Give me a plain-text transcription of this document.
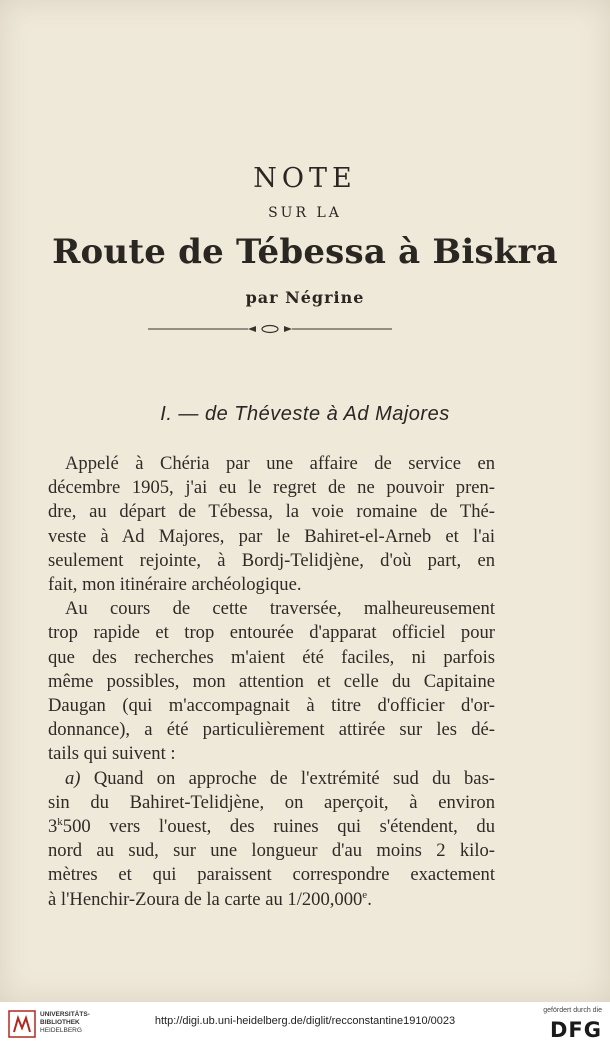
NOTE
SUR LA
Route de Tébessa à Biskra
par Négrine
I. — de Théveste à Ad Majores

Appelé à Chéria par une affaire de service en
décembre 1905, j'ai eu le regret de ne pouvoir pren-
dre, au départ de Tébessa, la voie romaine de Thé-
veste à Ad Majores, par le Bahiret-el-Arneb et l'ai
seulement rejointe, à Bordj-Telidjène, d'où part, en
fait, mon itinéraire archéologique.

Au cours de cette traversée, malheureusement
trop rapide et trop entourée d'apparat officiel pour
que des recherches m'aient été faciles, ni parfois
même possibles, mon attention et celle du Capitaine
Daugan (qui m'accompagnait à titre d'officier d'or-
donnance), a été particulièrement attirée sur les dé-
tails qui suivent :

a) Quand on approche de l'extrémité sud du bas-
sin du Bahiret-Telidjène, on aperçoit, à environ
3$^k$500 vers l'ouest, des ruines qui s'étendent, du
nord au sud, sur une longueur d'au moins 2 kilo-
mètres et qui paraissent correspondre exactement
à l'Henchir-Zoura de la carte au 1/200,000e.

UNIVERSITÄTS-
BIBLIOTHEK
HEIDELBERG
http://digi.ub.uni-heidelberg.de/diglit/recconstantine1910/0023
gefördert durch die
DFG
